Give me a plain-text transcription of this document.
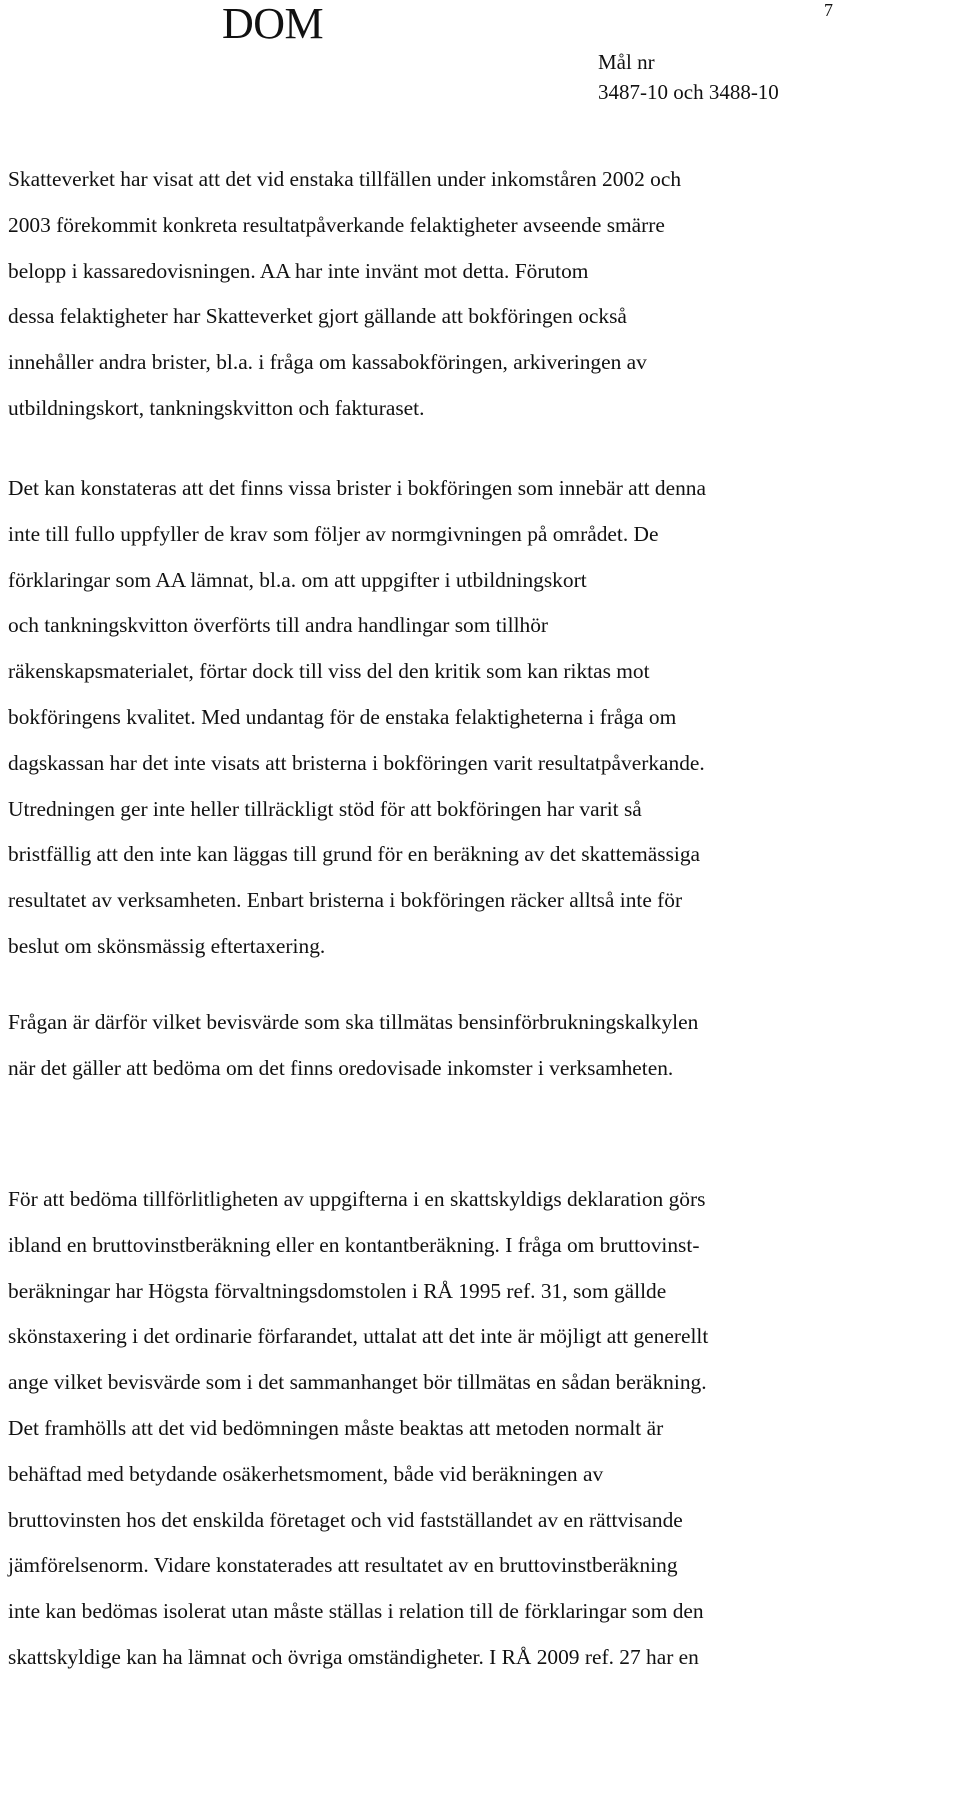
DOM	7
Mål nr
3487-10 och 3488-10
Skatteverket har visat att det vid enstaka tillfällen under inkomståren 2002 och
2003 förekommit konkreta resultatpåverkande felaktigheter avseende smärre
belopp i kassaredovisningen. AA har inte invänt mot detta. Förutom
dessa felaktigheter har Skatteverket gjort gällande att bokföringen också
innehåller andra brister, bl.a. i fråga om kassabokföringen, arkiveringen av
utbildningskort, tankningskvitton och fakturaset.
Det kan konstateras att det finns vissa brister i bokföringen som innebär att denna
inte till fullo uppfyller de krav som följer av normgivningen på området. De
förklaringar som AA lämnat, bl.a. om att uppgifter i utbildningskort
och tankningskvitton överförts till andra handlingar som tillhör
räkenskapsmaterialet, förtar dock till viss del den kritik som kan riktas mot
bokföringens kvalitet. Med undantag för de enstaka felaktigheterna i fråga om
dagskassan har det inte visats att bristerna i bokföringen varit resultatpåverkande.
Utredningen ger inte heller tillräckligt stöd för att bokföringen har varit så
bristfällig att den inte kan läggas till grund för en beräkning av det skattemässiga
resultatet av verksamheten. Enbart bristerna i bokföringen räcker alltså inte för
beslut om skönsmässig eftertaxering.
Frågan är därför vilket bevisvärde som ska tillmätas bensinförbrukningskalkylen
när det gäller att bedöma om det finns oredovisade inkomster i verksamheten.
För att bedöma tillförlitligheten av uppgifterna i en skattskyldigs deklaration görs
ibland en bruttovinstberäkning eller en kontantberäkning. I fråga om bruttovinst-
beräkningar har Högsta förvaltningsdomstolen i RÅ 1995 ref. 31, som gällde
skönstaxering i det ordinarie förfarandet, uttalat att det inte är möjligt att generellt
ange vilket bevisvärde som i det sammanhanget bör tillmätas en sådan beräkning.
Det framhölls att det vid bedömningen måste beaktas att metoden normalt är
behäftad med betydande osäkerhetsmoment, både vid beräkningen av
bruttovinsten hos det enskilda företaget och vid fastställandet av en rättvisande
jämförelsenorm. Vidare konstaterades att resultatet av en bruttovinstberäkning
inte kan bedömas isolerat utan måste ställas i relation till de förklaringar som den
skattskyldige kan ha lämnat och övriga omständigheter. I RÅ 2009 ref. 27 har en
